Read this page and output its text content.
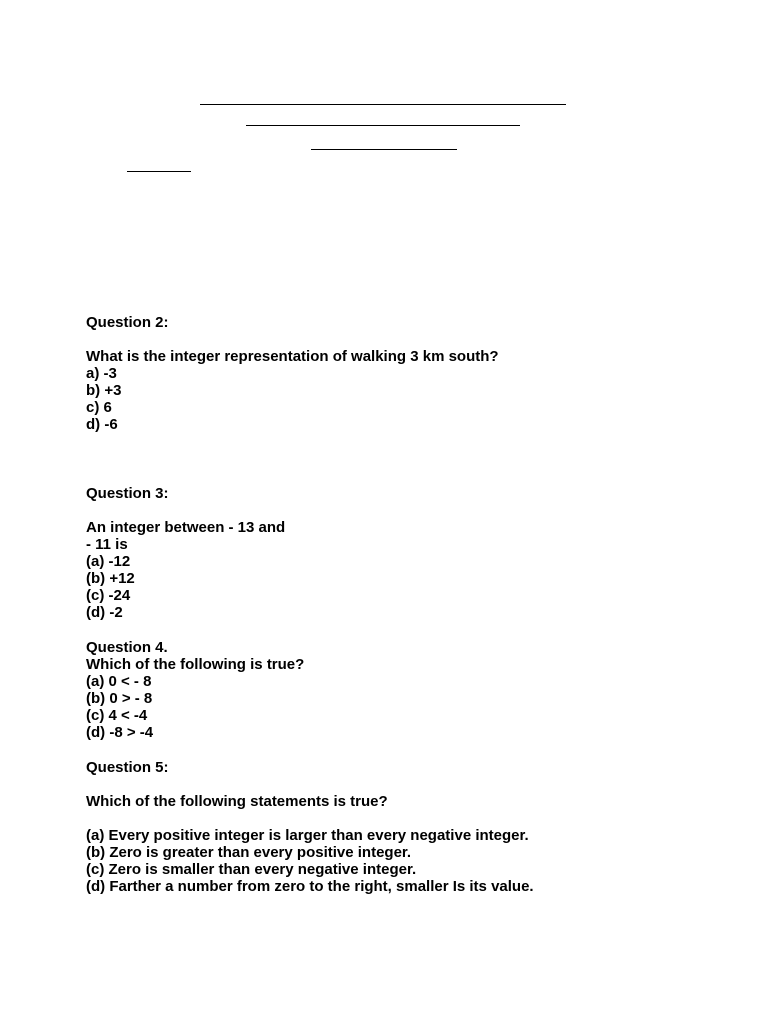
Question 2:
What is the integer representation of walking 3 km south?
a) -3
b) +3
c) 6
d) -6
Question 3:
An integer between - 13 and
- 11 is
(a) -12
(b) +12
(c) -24
(d) -2
Question 4.
Which of the following is true?
(a) 0 < - 8
(b) 0 > - 8
(c) 4 < -4
(d) -8 > -4
Question 5:
Which of the following statements is true?
(a) Every positive integer is larger than every negative integer.
(b) Zero is greater than every positive integer.
(c) Zero is smaller than every negative integer.
(d) Farther a number from zero to the right, smaller Is its value.
